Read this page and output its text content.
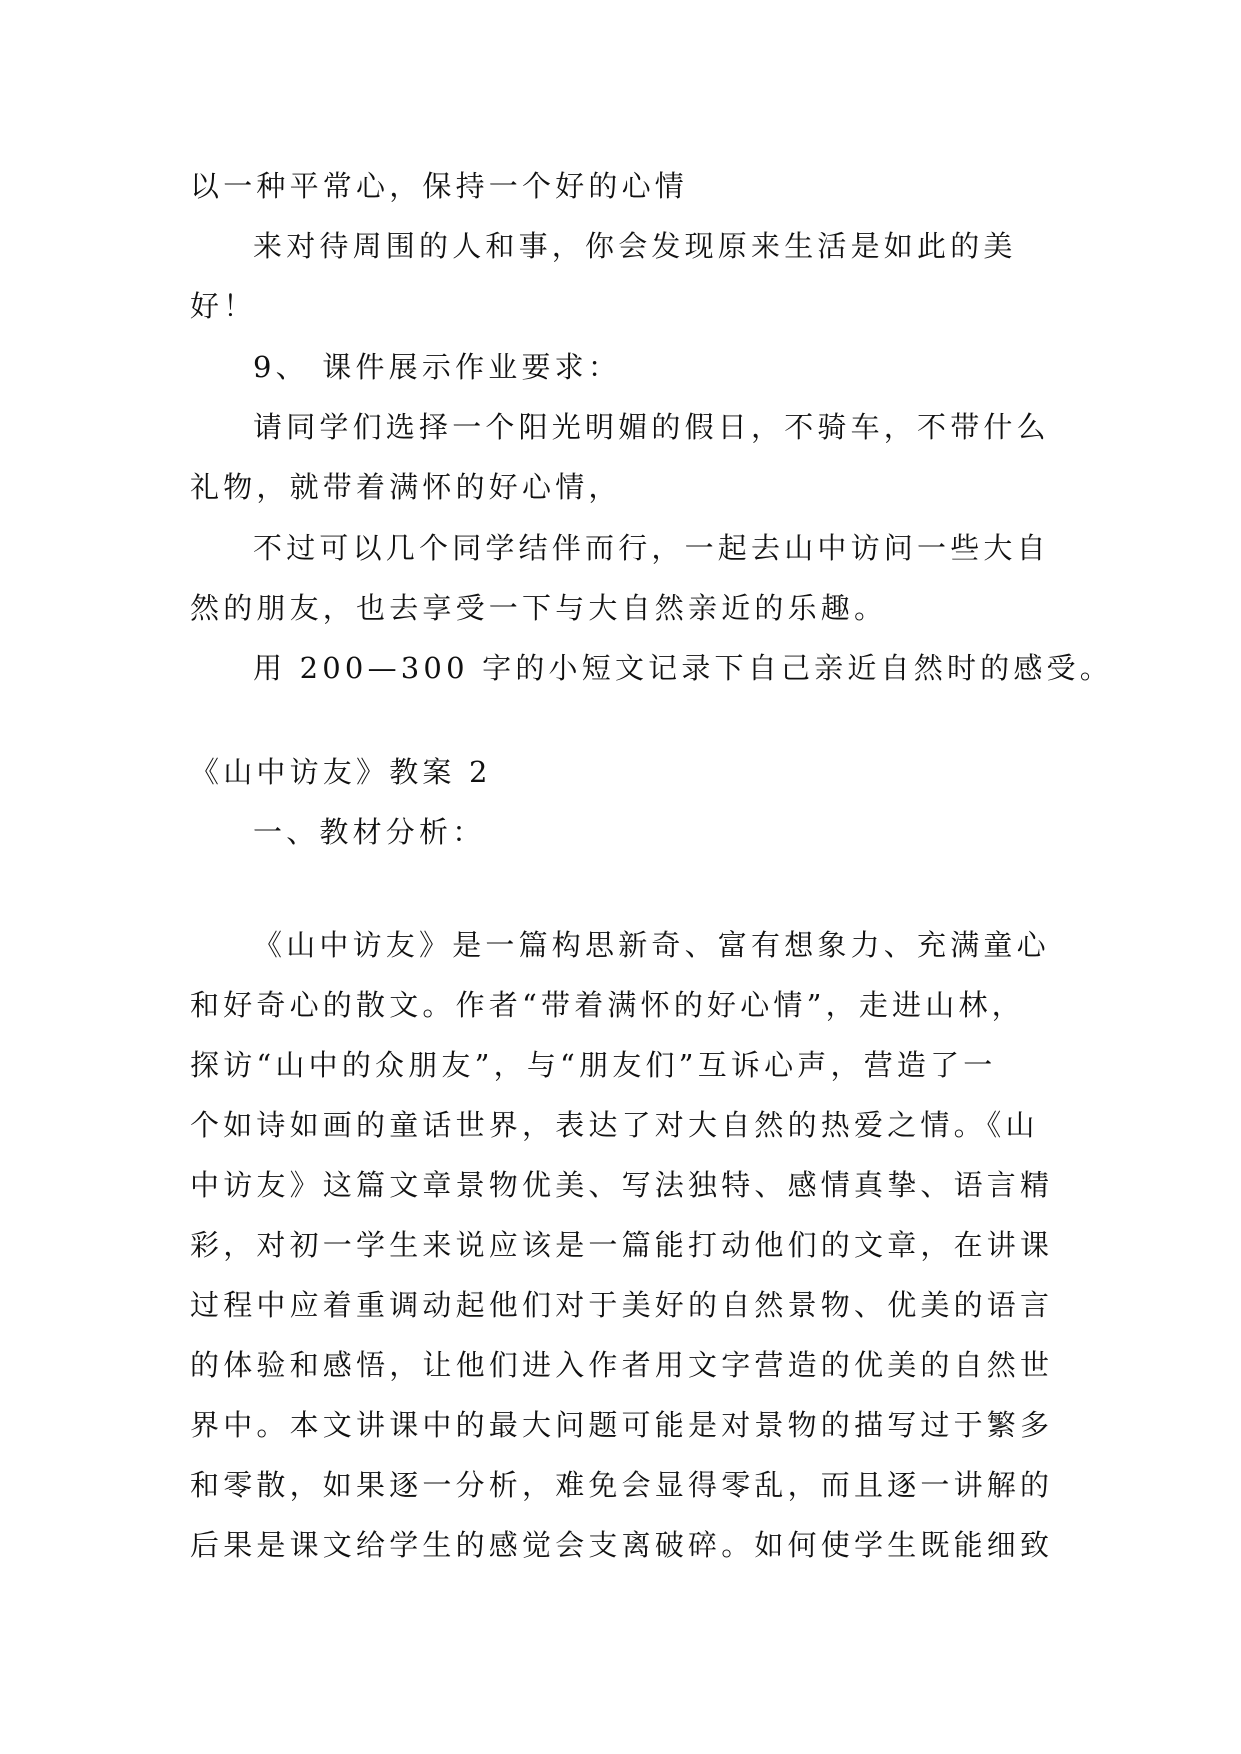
以一种平常心，保持一个好的心情
来对待周围的人和事，你会发现原来生活是如此的美
好！
9、 课件展示作业要求：
请同学们选择一个阳光明媚的假日，不骑车，不带什么
礼物，就带着满怀的好心情，
不过可以几个同学结伴而行，一起去山中访问一些大自
然的朋友，也去享受一下与大自然亲近的乐趣。
用 200—300 字的小短文记录下自己亲近自然时的感受。
《山中访友》教案 2
一、教材分析：
《山中访友》是一篇构思新奇、富有想象力、充满童心
和好奇心的散文。作者“带着满怀的好心情”，走进山林，
探访“山中的众朋友”，与“朋友们”互诉心声，营造了一
个如诗如画的童话世界，表达了对大自然的热爱之情。《山
中访友》这篇文章景物优美、写法独特、感情真挚、语言精
彩，对初一学生来说应该是一篇能打动他们的文章，在讲课
过程中应着重调动起他们对于美好的自然景物、优美的语言
的体验和感悟，让他们进入作者用文字营造的优美的自然世
界中。本文讲课中的最大问题可能是对景物的描写过于繁多
和零散，如果逐一分析，难免会显得零乱，而且逐一讲解的
后果是课文给学生的感觉会支离破碎。如何使学生既能细致
